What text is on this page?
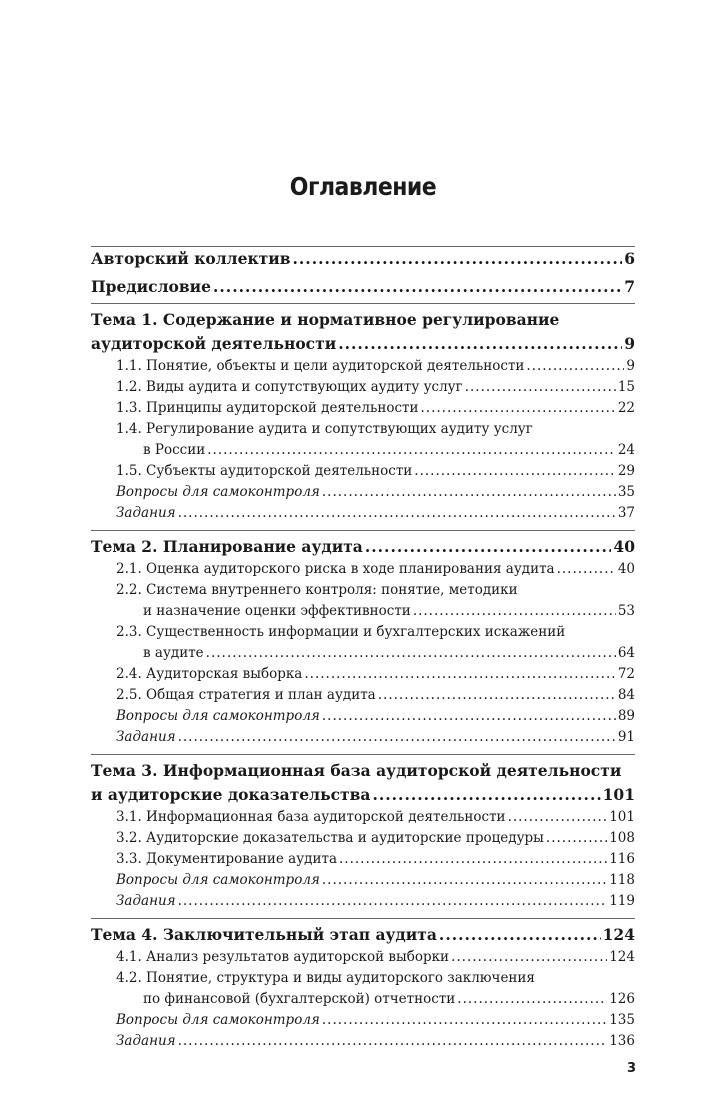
Оглавление
Авторский коллектив .....	6
Предисловие .....	7
Тема 1. Содержание и нормативное регулирование
аудиторской деятельности .....	9
1.1. Понятие, объекты и цели аудиторской деятельности .....	9
1.2. Виды аудита и сопутствующих аудиту услуг .....	15
1.3. Принципы аудиторской деятельности .....	22
1.4. Регулирование аудита и сопутствующих аудиту услуг
в России .....	24
1.5. Субъекты аудиторской деятельности .....	29
Вопросы для самоконтроля .....	35
Задания .....	37
Тема 2. Планирование аудита .....	40
2.1. Оценка аудиторского риска в ходе планирования аудита .....	40
2.2. Система внутреннего контроля: понятие, методики
и назначение оценки эффективности .....	53
2.3. Существенность информации и бухгалтерских искажений
в аудите .....	64
2.4. Аудиторская выборка .....	72
2.5. Общая стратегия и план аудита .....	84
Вопросы для самоконтроля .....	89
Задания .....	91
Тема 3. Информационная база аудиторской деятельности
и аудиторские доказательства .....	101
3.1. Информационная база аудиторской деятельности .....	101
3.2. Аудиторские доказательства и аудиторские процедуры .....	108
3.3. Документирование аудита .....	116
Вопросы для самоконтроля .....	118
Задания .....	119
Тема 4. Заключительный этап аудита .....	124
4.1. Анализ результатов аудиторской выборки .....	124
4.2. Понятие, структура и виды аудиторского заключения
по финансовой (бухгалтерской) отчетности .....	126
Вопросы для самоконтроля .....	135
Задания .....	136
3
